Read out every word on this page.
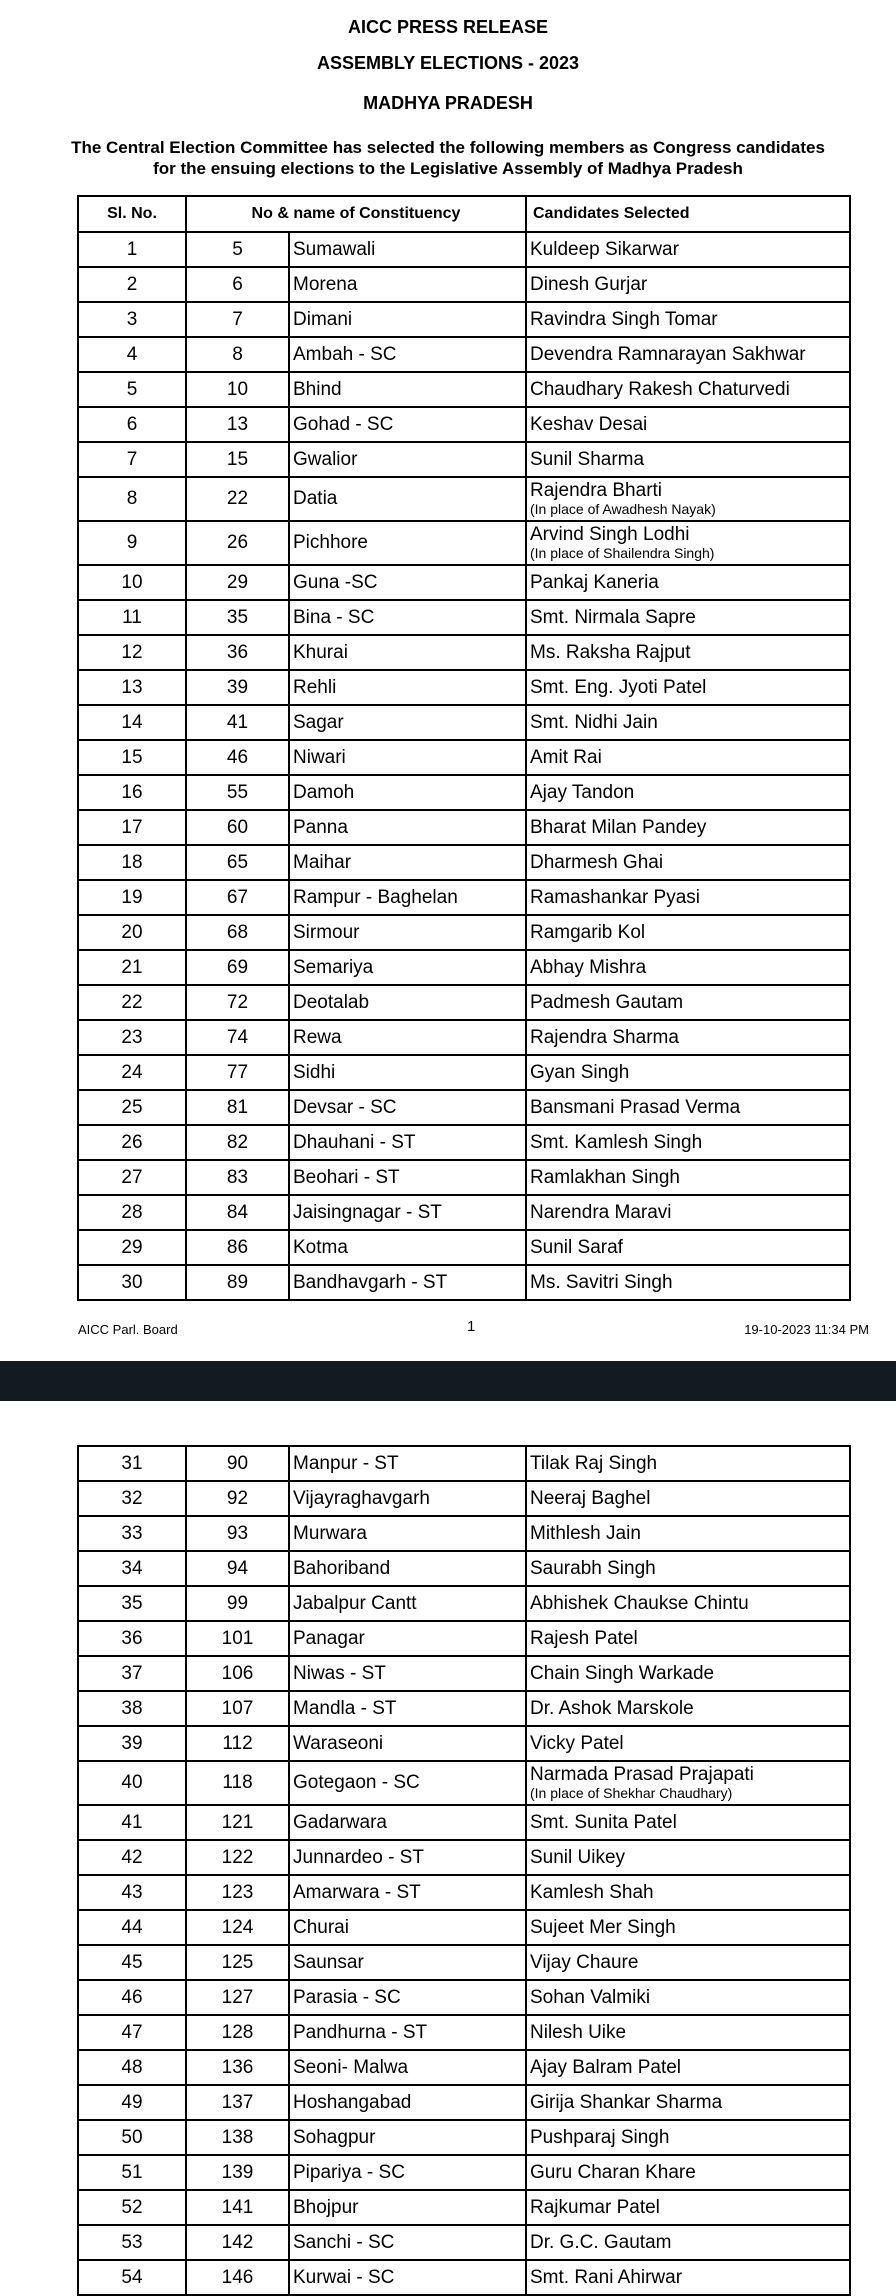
AICC PRESS RELEASE
ASSEMBLY ELECTIONS - 2023
MADHYA PRADESH
The Central Election Committee has selected the following members as Congress candidates for the ensuing elections to the Legislative Assembly of Madhya Pradesh
Sl. No.	No & name of Constituency		Candidates Selected
1	5	Sumawali	Kuldeep Sikarwar

2	6	Morena	Dinesh Gurjar

3	7	Dimani	Ravindra Singh Tomar

4	8	Ambah - SC	Devendra Ramnarayan Sakhwar

5	10	Bhind	Chaudhary Rakesh Chaturvedi

6	13	Gohad - SC	Keshav Desai

7	15	Gwalior	Sunil Sharma

8	22	Datia	Rajendra Bharti
(In place of Awadhesh Nayak)

9	26	Pichhore	Arvind Singh Lodhi
(In place of Shailendra Singh)

10	29	Guna -SC	Pankaj Kaneria

11	35	Bina - SC	Smt. Nirmala Sapre

12	36	Khurai	Ms. Raksha Rajput

13	39	Rehli	Smt. Eng. Jyoti Patel

14	41	Sagar	Smt. Nidhi Jain

15	46	Niwari	Amit Rai

16	55	Damoh	Ajay Tandon

17	60	Panna	Bharat Milan Pandey

18	65	Maihar	Dharmesh Ghai

19	67	Rampur - Baghelan	Ramashankar Pyasi

20	68	Sirmour	Ramgarib Kol

21	69	Semariya	Abhay Mishra

22	72	Deotalab	Padmesh Gautam

23	74	Rewa	Rajendra Sharma

24	77	Sidhi	Gyan Singh

25	81	Devsar - SC	Bansmani Prasad Verma

26	82	Dhauhani - ST	Smt. Kamlesh Singh

27	83	Beohari - ST	Ramlakhan Singh

28	84	Jaisingnagar - ST	Narendra Maravi

29	86	Kotma	Sunil Saraf

30	89	Bandhavgarh - ST	Ms. Savitri Singh
AICC Parl. Board	1	19-10-2023 11:34 PM
31	90	Manpur - ST	Tilak Raj Singh

32	92	Vijayraghavgarh	Neeraj Baghel

33	93	Murwara	Mithlesh Jain

34	94	Bahoriband	Saurabh Singh

35	99	Jabalpur Cantt	Abhishek Chaukse Chintu

36	101	Panagar	Rajesh Patel

37	106	Niwas - ST	Chain Singh Warkade

38	107	Mandla - ST	Dr. Ashok Marskole

39	112	Waraseoni	Vicky Patel

40	118	Gotegaon - SC	Narmada Prasad Prajapati
(In place of Shekhar Chaudhary)

41	121	Gadarwara	Smt. Sunita Patel

42	122	Junnardeo - ST	Sunil Uikey

43	123	Amarwara - ST	Kamlesh Shah

44	124	Churai	Sujeet Mer Singh

45	125	Saunsar	Vijay Chaure

46	127	Parasia - SC	Sohan Valmiki

47	128	Pandhurna - ST	Nilesh Uike

48	136	Seoni- Malwa	Ajay Balram Patel

49	137	Hoshangabad	Girija Shankar Sharma

50	138	Sohagpur	Pushparaj Singh

51	139	Pipariya - SC	Guru Charan Khare

52	141	Bhojpur	Rajkumar Patel

53	142	Sanchi - SC	Dr. G.C. Gautam

54	146	Kurwai - SC	Smt. Rani Ahirwar
